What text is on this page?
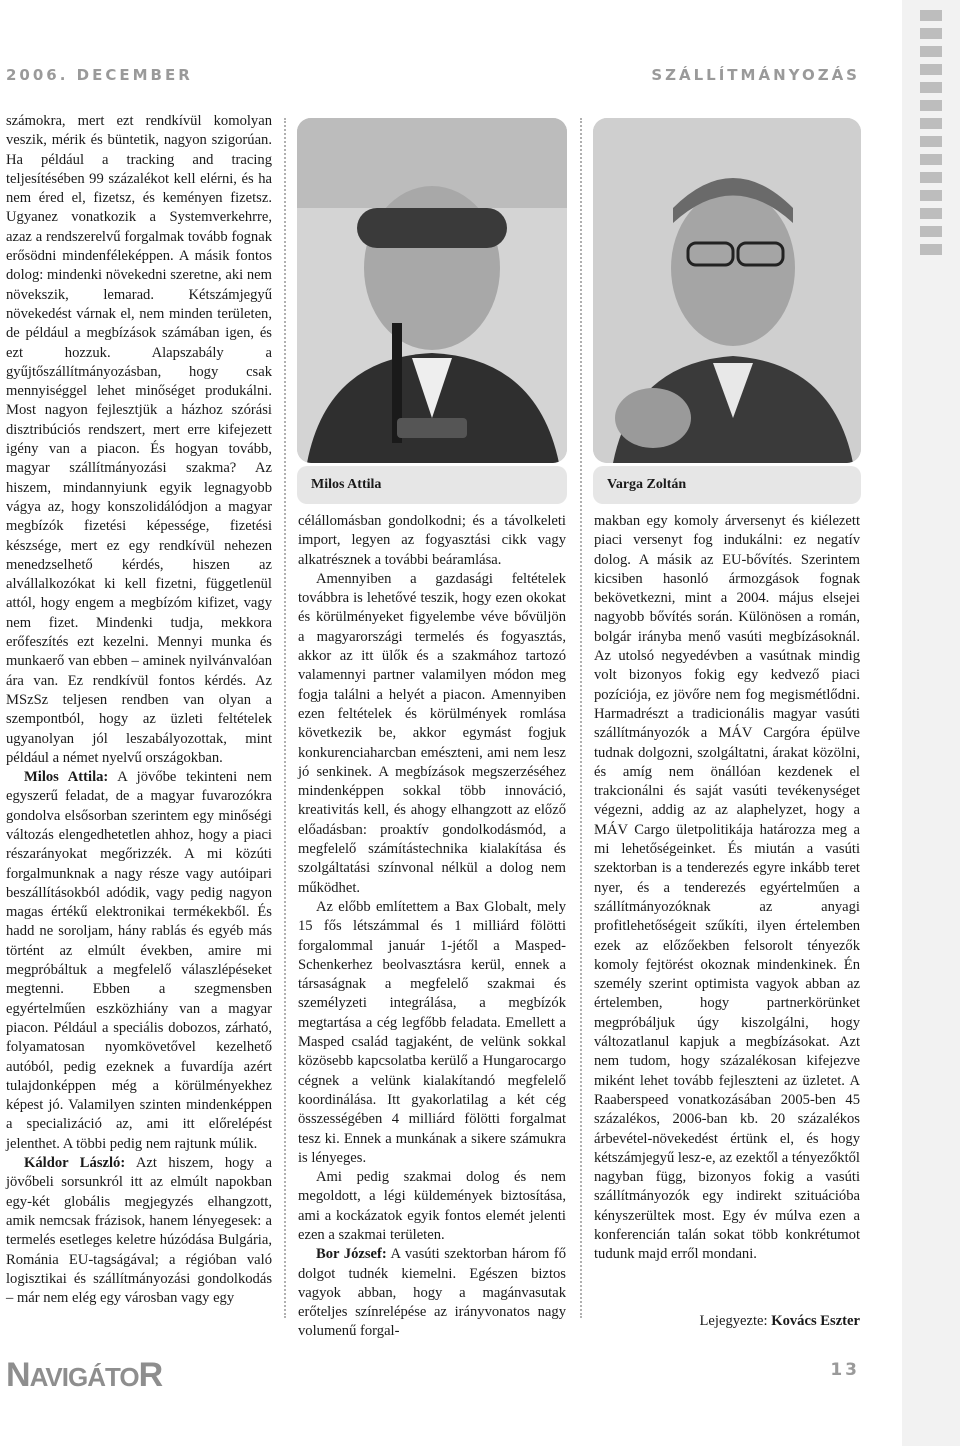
2006. DECEMBER	SZÁLLÍTMÁNYOZÁS

számokra, mert ezt rendkívül komolyan veszik, mérik és büntetik, nagyon szigorúan. Ha például a tracking and tracing teljesítésében 99 százalékot kell elérni, és ha nem éred el, fizetsz, és keményen fizetsz. Ugyanez vonatkozik a Systemverkehrre, azaz a rendszerelvű forgalmak tovább fognak erősödni mindenféleképpen. A másik fontos dolog: mindenki növekedni szeretne, aki nem növekszik, lemarad. Kétszámjegyű növekedést várnak el, nem minden területen, de például a megbízások számában igen, és ezt hozzuk. Alapszabály a gyűjtőszállítmányozásban, hogy csak mennyiséggel lehet minőséget produkálni. Most nagyon fejlesztjük a házhoz szórási disztribúciós rendszert, mert erre kifejezett igény van a piacon. És hogyan tovább, magyar szállítmányozási szakma? Az hiszem, mindannyiunk egyik legnagyobb vágya az, hogy konszolidálódjon a magyar megbízók fizetési képessége, fizetési készsége, mert ez egy rendkívül nehezen menedzselhető kérdés, hiszen az alvállalkozókat ki kell fizetni, függetlenül attól, hogy engem a megbízóm kifizet, vagy nem fizet. Mindenki tudja, mekkora erőfeszítés ezt kezelni. Mennyi munka és munkaerő van ebben – aminek nyilvánvalóan ára van. Ez rendkívül fontos kérdés. Az MSzSz teljesen rendben van olyan a szempontból, hogy az üzleti feltételek ugyanolyan jól leszabályozottak, mint például a német nyelvű országokban.

Milos Attila: A jövőbe tekinteni nem egyszerű feladat, de a magyar fuvarozókra gondolva elsősorban szerintem egy minőségi változás elengedhetetlen ahhoz, hogy a piaci részarányokat megőrizzék. A mi közúti forgalmunknak a nagy része vagy autóipari beszállításokból adódik, vagy pedig nagyon magas értékű elektronikai termékekből. És hadd ne soroljam, hány rablás és egyéb más történt az elmúlt években, amire mi megpróbáltuk a megfelelő válaszlépéseket megtenni. Ebben a szegmensben egyértelműen eszközhiány van a magyar piacon. Például a speciális dobozos, zárható, folyamatosan nyomkövetővel kezelhető autóból, pedig ezeknek a fuvardíja azért tulajdonképpen még a körülményekhez képest jó. Valamilyen szinten mindenképpen a specializáció az, ami itt előrelépést jelenthet. A többi pedig nem rajtunk múlik.

Káldor László: Azt hiszem, hogy a jövőbeli sorsunkról itt az elmúlt napokban egy-két globális megjegyzés elhangzott, amik nemcsak frázisok, hanem lényegesek: a termelés esetleges keletre húzódása Bulgária, Románia EU-tagságával; a régióban való logisztikai és szállítmányozási gondolkodás – már nem elég egy városban vagy egy

Milos Attila	Varga Zoltán

célállomásban gondolkodni; és a távolkeleti import, legyen az fogyasztási cikk vagy alkatrésznek a további beáramlása.

Amennyiben a gazdasági feltételek továbbra is lehetővé teszik, hogy ezen okokat és körülményeket figyelembe véve bővüljön a magyarországi termelés és fogyasztás, akkor az itt ülők és a szakmához tartozó valamennyi partner valamilyen módon meg fogja találni a helyét a piacon. Amennyiben ezen feltételek és körülmények romlása következik be, akkor egymást fogjuk konkurenciaharcban emészteni, ami nem lesz jó senkinek. A megbízások megszerzéséhez mindenképpen sokkal több innováció, kreativitás kell, és ahogy elhangzott az előző előadásban: proaktív gondolkodásmód, a megfelelő számítástechnika kialakítása és szolgáltatási színvonal nélkül a dolog nem működhet.

Az előbb említettem a Bax Globalt, mely 15 fős létszámmal és 1 milliárd fölötti forgalommal január 1-jétől a Masped-Schenkerhez beolvasztásra kerül, ennek a társaságnak a megfelelő szakmai és személyzeti integrálása, a megbízók megtartása a cég legfőbb feladata. Emellett a Masped család tagjaként, de velünk sokkal közösebb kapcsolatba kerülő a Hungarocargo cégnek a velünk kialakítandó megfelelő koordinálása. Itt gyakorlatilag a két cég összességében 4 milliárd fölötti forgalmat tesz ki. Ennek a munkának a sikere számukra is lényeges.

Ami pedig szakmai dolog és nem megoldott, a légi küldemények biztosítása, ami a kockázatok egyik fontos elemét jelenti ezen a szakmai területen.

Bor József: A vasúti szektorban három fő dolgot tudnék kiemelni. Egészen biztos vagyok abban, hogy a magánvasutak erőteljes színrelépése az irányvonatos nagy volumenű forgal-

makban egy komoly árversenyt és kiélezett piaci versenyt fog indukálni: ez negatív dolog. A másik az EU-bővítés. Szerintem kicsiben hasonló ármozgások fognak bekövetkezni, mint a 2004. május elsejei nagyobb bővítés során. Különösen a román, bolgár irányba menő vasúti megbízásoknál. Az utolsó negyedévben a vasútnak mindig volt bizonyos fokig egy kedvező piaci pozíciója, ez jövőre nem fog megismétlődni. Harmadrészt a tradicionális magyar vasúti szállítmányozók a MÁV Cargóra épülve tudnak dolgozni, szolgáltatni, árakat közölni, és amíg nem önállóan kezdenek el trakcionálni és saját vasúti tevékenységet végezni, addig az az alaphelyzet, hogy a MÁV Cargo ületpolitikája határozza meg a mi lehetőségeinket. És miután a vasúti szektorban is a tenderezés egyre inkább teret nyer, és a tenderezés egyértelműen a szállítmányozóknak az anyagi profitlehetőségeit szűkíti, ilyen értelemben ezek az előzőekben felsorolt tényezők komoly fejtörést okoznak mindenkinek. Én személy szerint optimista vagyok abban az értelemben, hogy partnerkörünket megpróbáljuk úgy kiszolgálni, hogy változatlanul kapjuk a megbízásokat. Azt nem tudom, hogy százalékosan kifejezve miként lehet tovább fejleszteni az üzletet. A Raaberspeed vonatkozásában 2005-ben 45 százalékos, 2006-ban kb. 20 százalékos árbevétel-növekedést értünk el, és hogy kétszámjegyű lesz-e, az ezektől a tényezőktől nagyban függ, bizonyos fokig a vasúti szállítmányozók egy indirekt szituációba kényszerültek most. Egy év múlva ezen a konferencián talán sokat több konkrétumot tudunk majd erről mondani.

Lejegyezte: Kovács Eszter
NAVIGÁTOR	13
